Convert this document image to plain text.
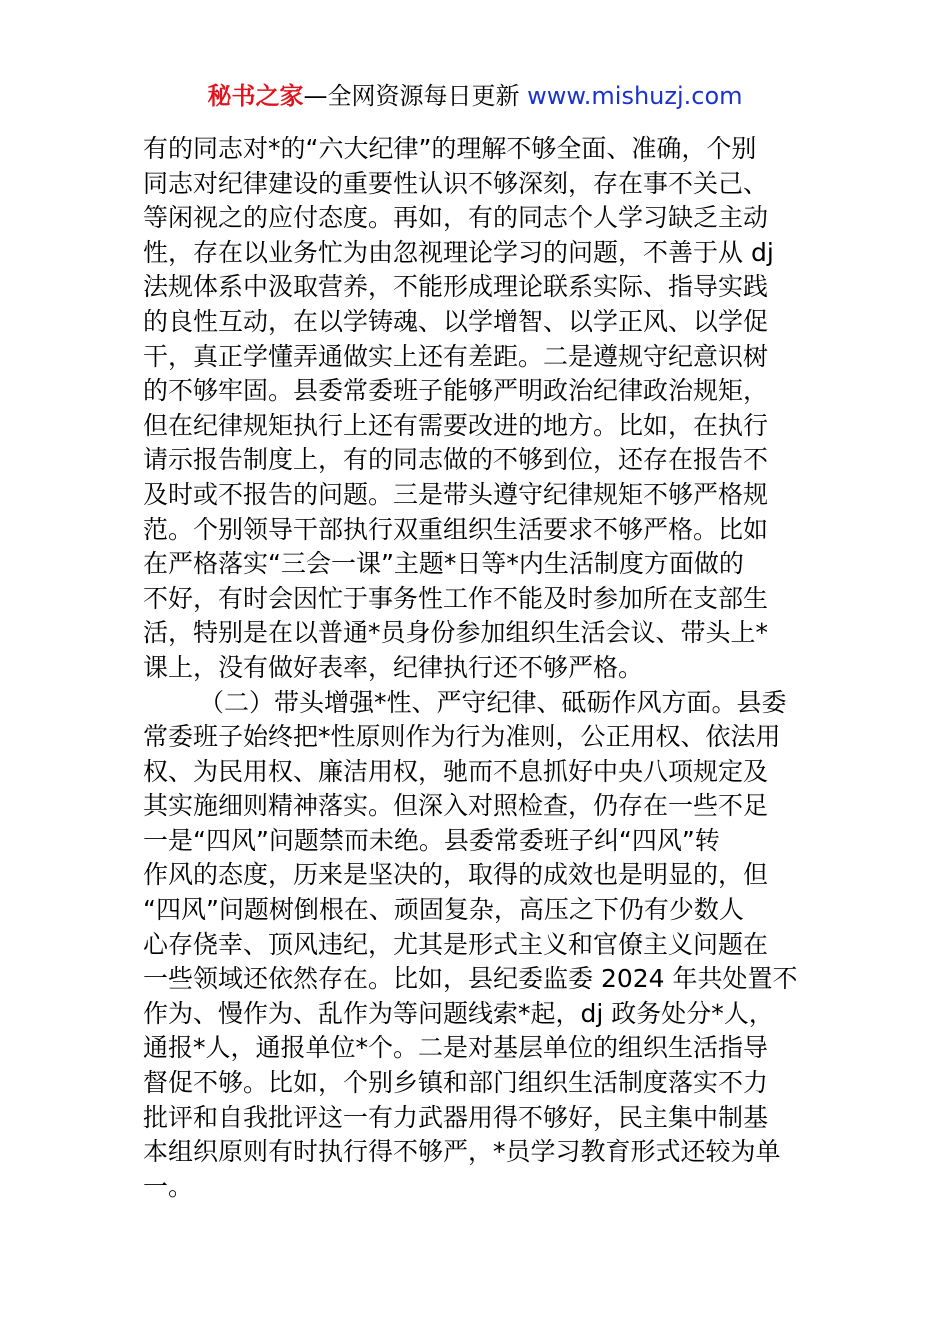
秘书之家—全网资源每日更新 www.mishuzj.com
有的同志对*的“六大纪律”的理解不够全面、准确，个别
同志对纪律建设的重要性认识不够深刻，存在事不关己、
等闲视之的应付态度。再如，有的同志个人学习缺乏主动
性，存在以业务忙为由忽视理论学习的问题，不善于从 dj
法规体系中汲取营养，不能形成理论联系实际、指导实践
的良性互动，在以学铸魂、以学增智、以学正风、以学促
干，真正学懂弄通做实上还有差距。二是遵规守纪意识树
的不够牢固。县委常委班子能够严明政治纪律政治规矩，
但在纪律规矩执行上还有需要改进的地方。比如，在执行
请示报告制度上，有的同志做的不够到位，还存在报告不
及时或不报告的问题。三是带头遵守纪律规矩不够严格规
范。个别领导干部执行双重组织生活要求不够严格。比如
在严格落实“三会一课”主题*日等*内生活制度方面做的
不好，有时会因忙于事务性工作不能及时参加所在支部生
活，特别是在以普通*员身份参加组织生活会议、带头上*
课上，没有做好表率，纪律执行还不够严格。
（二）带头增强*性、严守纪律、砥砺作风方面。县委
常委班子始终把*性原则作为行为准则，公正用权、依法用
权、为民用权、廉洁用权，驰而不息抓好中央八项规定及
其实施细则精神落实。但深入对照检查，仍存在一些不足
一是“四风”问题禁而未绝。县委常委班子纠“四风”转
作风的态度，历来是坚决的，取得的成效也是明显的，但
“四风”问题树倒根在、顽固复杂，高压之下仍有少数人
心存侥幸、顶风违纪，尤其是形式主义和官僚主义问题在
一些领域还依然存在。比如，县纪委监委 2024 年共处置不
作为、慢作为、乱作为等问题线索*起，dj 政务处分*人，
通报*人，通报单位*个。二是对基层单位的组织生活指导
督促不够。比如，个别乡镇和部门组织生活制度落实不力
批评和自我批评这一有力武器用得不够好，民主集中制基
本组织原则有时执行得不够严，*员学习教育形式还较为单
一。
